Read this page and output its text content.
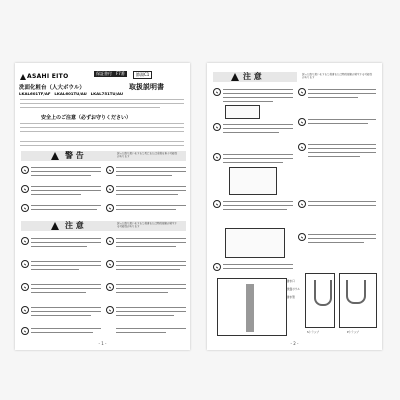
ASAHI EITO	保証書付	F7番	節湯C1
洗面化粧台（人大ボウル）
LKAL601TF/AF　LKAL601TU/AU　LKAL751TU/AU
取扱説明書
安全上のご注意（必ずお守りください）
警 告	誤った取り扱いをすると死亡または重傷を負う可能性があります
注 意	誤った取り扱いをすると傷害または物的損害が発生する可能性があります
- 1 -
注 意	誤った取り扱いをすると傷害または物的損害が発生する可能性があります
排水口
洗面ボウル
排水管
Sトラップ	Pトラップ
- 2 -
